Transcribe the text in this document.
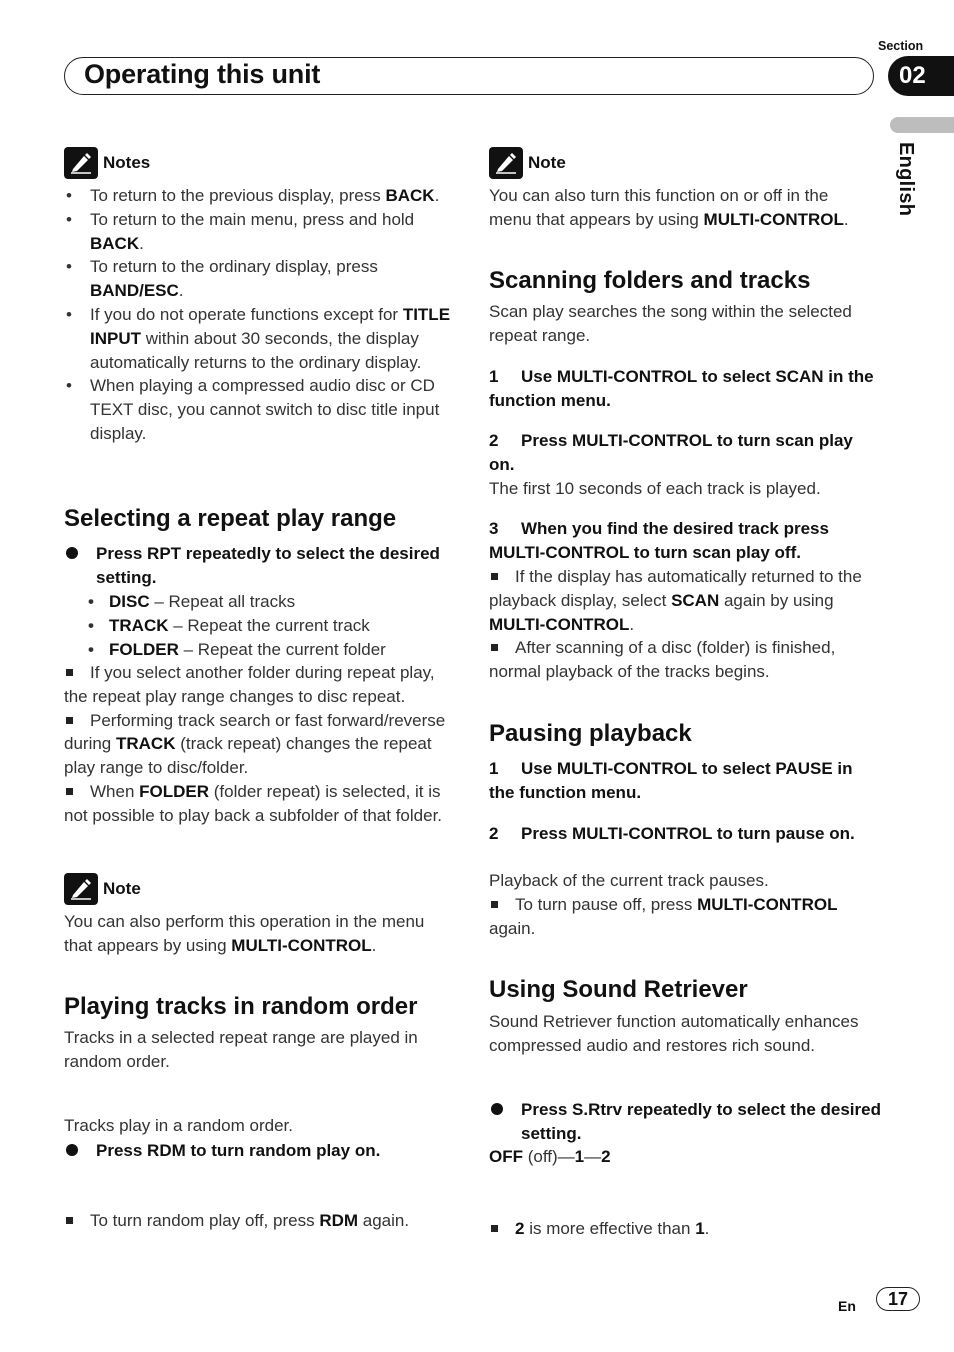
Operating this unit
Section
02
English
Notes
• To return to the previous display, press BACK.
• To return to the main menu, press and hold BACK.
• To return to the ordinary display, press BAND/ESC.
• If you do not operate functions except for TITLE INPUT within about 30 seconds, the display automatically returns to the ordinary display.
• When playing a compressed audio disc or CD TEXT disc, you cannot switch to disc title input display.
Selecting a repeat play range
Press RPT repeatedly to select the desired setting.
• DISC – Repeat all tracks
• TRACK – Repeat the current track
• FOLDER – Repeat the current folder
If you select another folder during repeat play, the repeat play range changes to disc repeat.
Performing track search or fast forward/reverse during TRACK (track repeat) changes the repeat play range to disc/folder.
When FOLDER (folder repeat) is selected, it is not possible to play back a subfolder of that folder.
Note
You can also perform this operation in the menu that appears by using MULTI-CONTROL.
Playing tracks in random order
Tracks in a selected repeat range are played in random order.
Press RDM to turn random play on.
Tracks play in a random order.
To turn random play off, press RDM again.
Note
You can also turn this function on or off in the menu that appears by using MULTI-CONTROL.
Scanning folders and tracks
Scan play searches the song within the selected repeat range.
1 Use MULTI-CONTROL to select SCAN in the function menu.
2 Press MULTI-CONTROL to turn scan play on.
The first 10 seconds of each track is played.
3 When you find the desired track press MULTI-CONTROL to turn scan play off.
If the display has automatically returned to the playback display, select SCAN again by using MULTI-CONTROL.
After scanning of a disc (folder) is finished, normal playback of the tracks begins.
Pausing playback
1 Use MULTI-CONTROL to select PAUSE in the function menu.
2 Press MULTI-CONTROL to turn pause on.
Playback of the current track pauses.
To turn pause off, press MULTI-CONTROL again.
Using Sound Retriever
Sound Retriever function automatically enhances compressed audio and restores rich sound.
Press S.Rtrv repeatedly to select the desired setting.
OFF (off)—1—2
2 is more effective than 1.
En	17
